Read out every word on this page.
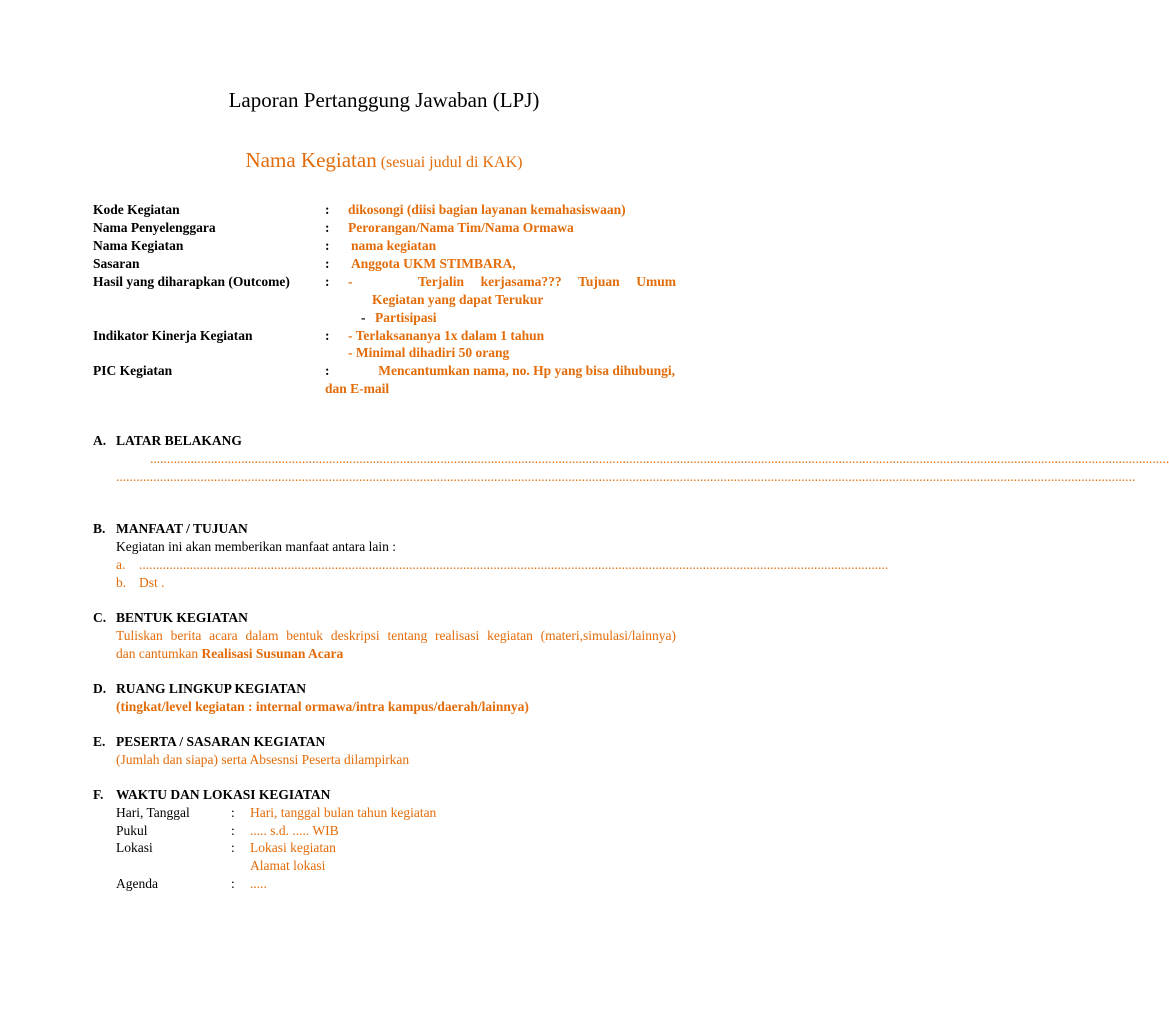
Laporan Pertanggung Jawaban (LPJ)
Nama Kegiatan (sesuai judul di KAK)
Kode Kegiatan	: dikosongi (diisi bagian layanan kemahasiswaan)
Nama Penyelenggara	: Perorangan/Nama Tim/Nama Ormawa
Nama Kegiatan	: nama kegiatan
Sasaran	: Anggota UKM STIMBARA,
Hasil yang diharapkan (Outcome)	: -	Terjalin kerjasama??? Tujuan Umum
Kegiatan yang dapat Terukur
- Partisipasi
Indikator Kinerja Kegiatan	: - Terlaksananya 1x dalam 1 tahun
- Minimal dihadiri 50 orang
PIC Kegiatan	:	Mencantumkan nama, no. Hp yang bisa dihubungi,
dan E-mail
A. LATAR BELAKANG
..............................................................................................................................................................................................................................................................................................................
..............................................................................................................................................................................................................................................................................................................
B. MANFAAT / TUJUAN
Kegiatan ini akan memberikan manfaat antara lain :
a. ..............................................................................................................................................................................................................................
b. Dst .
C. BENTUK KEGIATAN
Tuliskan berita acara dalam bentuk deskripsi tentang realisasi kegiatan (materi,simulasi/lainnya)
dan cantumkan Realisasi Susunan Acara
D. RUANG LINGKUP KEGIATAN
(tingkat/level kegiatan : internal ormawa/intra kampus/daerah/lainnya)
E. PESERTA / SASARAN KEGIATAN
(Jumlah dan siapa) serta Absesnsi Peserta dilampirkan
F. WAKTU DAN LOKASI KEGIATAN
Hari, Tanggal	: Hari, tanggal bulan tahun kegiatan
Pukul	: ..... s.d. ..... WIB
Lokasi	: Lokasi kegiatan
Alamat lokasi
Agenda	: .....
